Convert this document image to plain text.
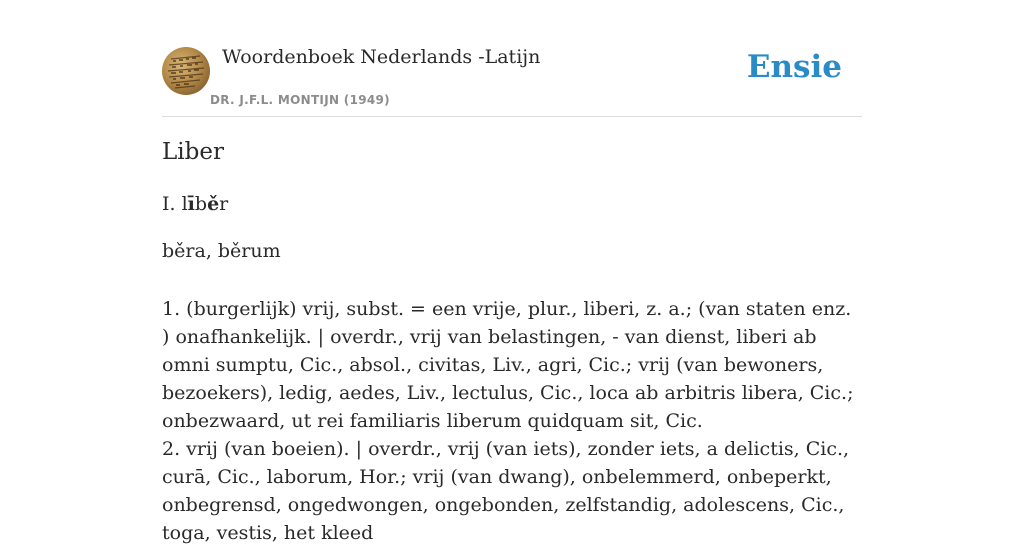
Woordenboek Nederlands -Latijn
DR. J.F.L. MONTIJN (1949)
Ensie
Liber
I. līběr
běra, běrum

1. (burgerlijk) vrij, subst. = een vrije, plur., liberi, z. a.; (van staten enz. ) onafhankelijk. | overdr., vrij van belastingen, - van dienst, liberi ab omni sumptu, Cic., absol., civitas, Liv., agri, Cic.; vrij (van bewoners, bezoekers), ledig, aedes, Liv., lectulus, Cic., loca ab arbitris libera, Cic.; onbezwaard, ut rei familiaris liberum quidquam sit, Cic.

2. vrij (van boeien). | overdr., vrij (van iets), zonder iets, a delictis, Cic., curā, Cic., laborum, Hor.; vrij (van dwang), onbelemmerd, onbeperkt, onbegrensd, ongedwongen, ongebonden, zelfstandig, adolescens, Cic., toga, vestis, het kleed
